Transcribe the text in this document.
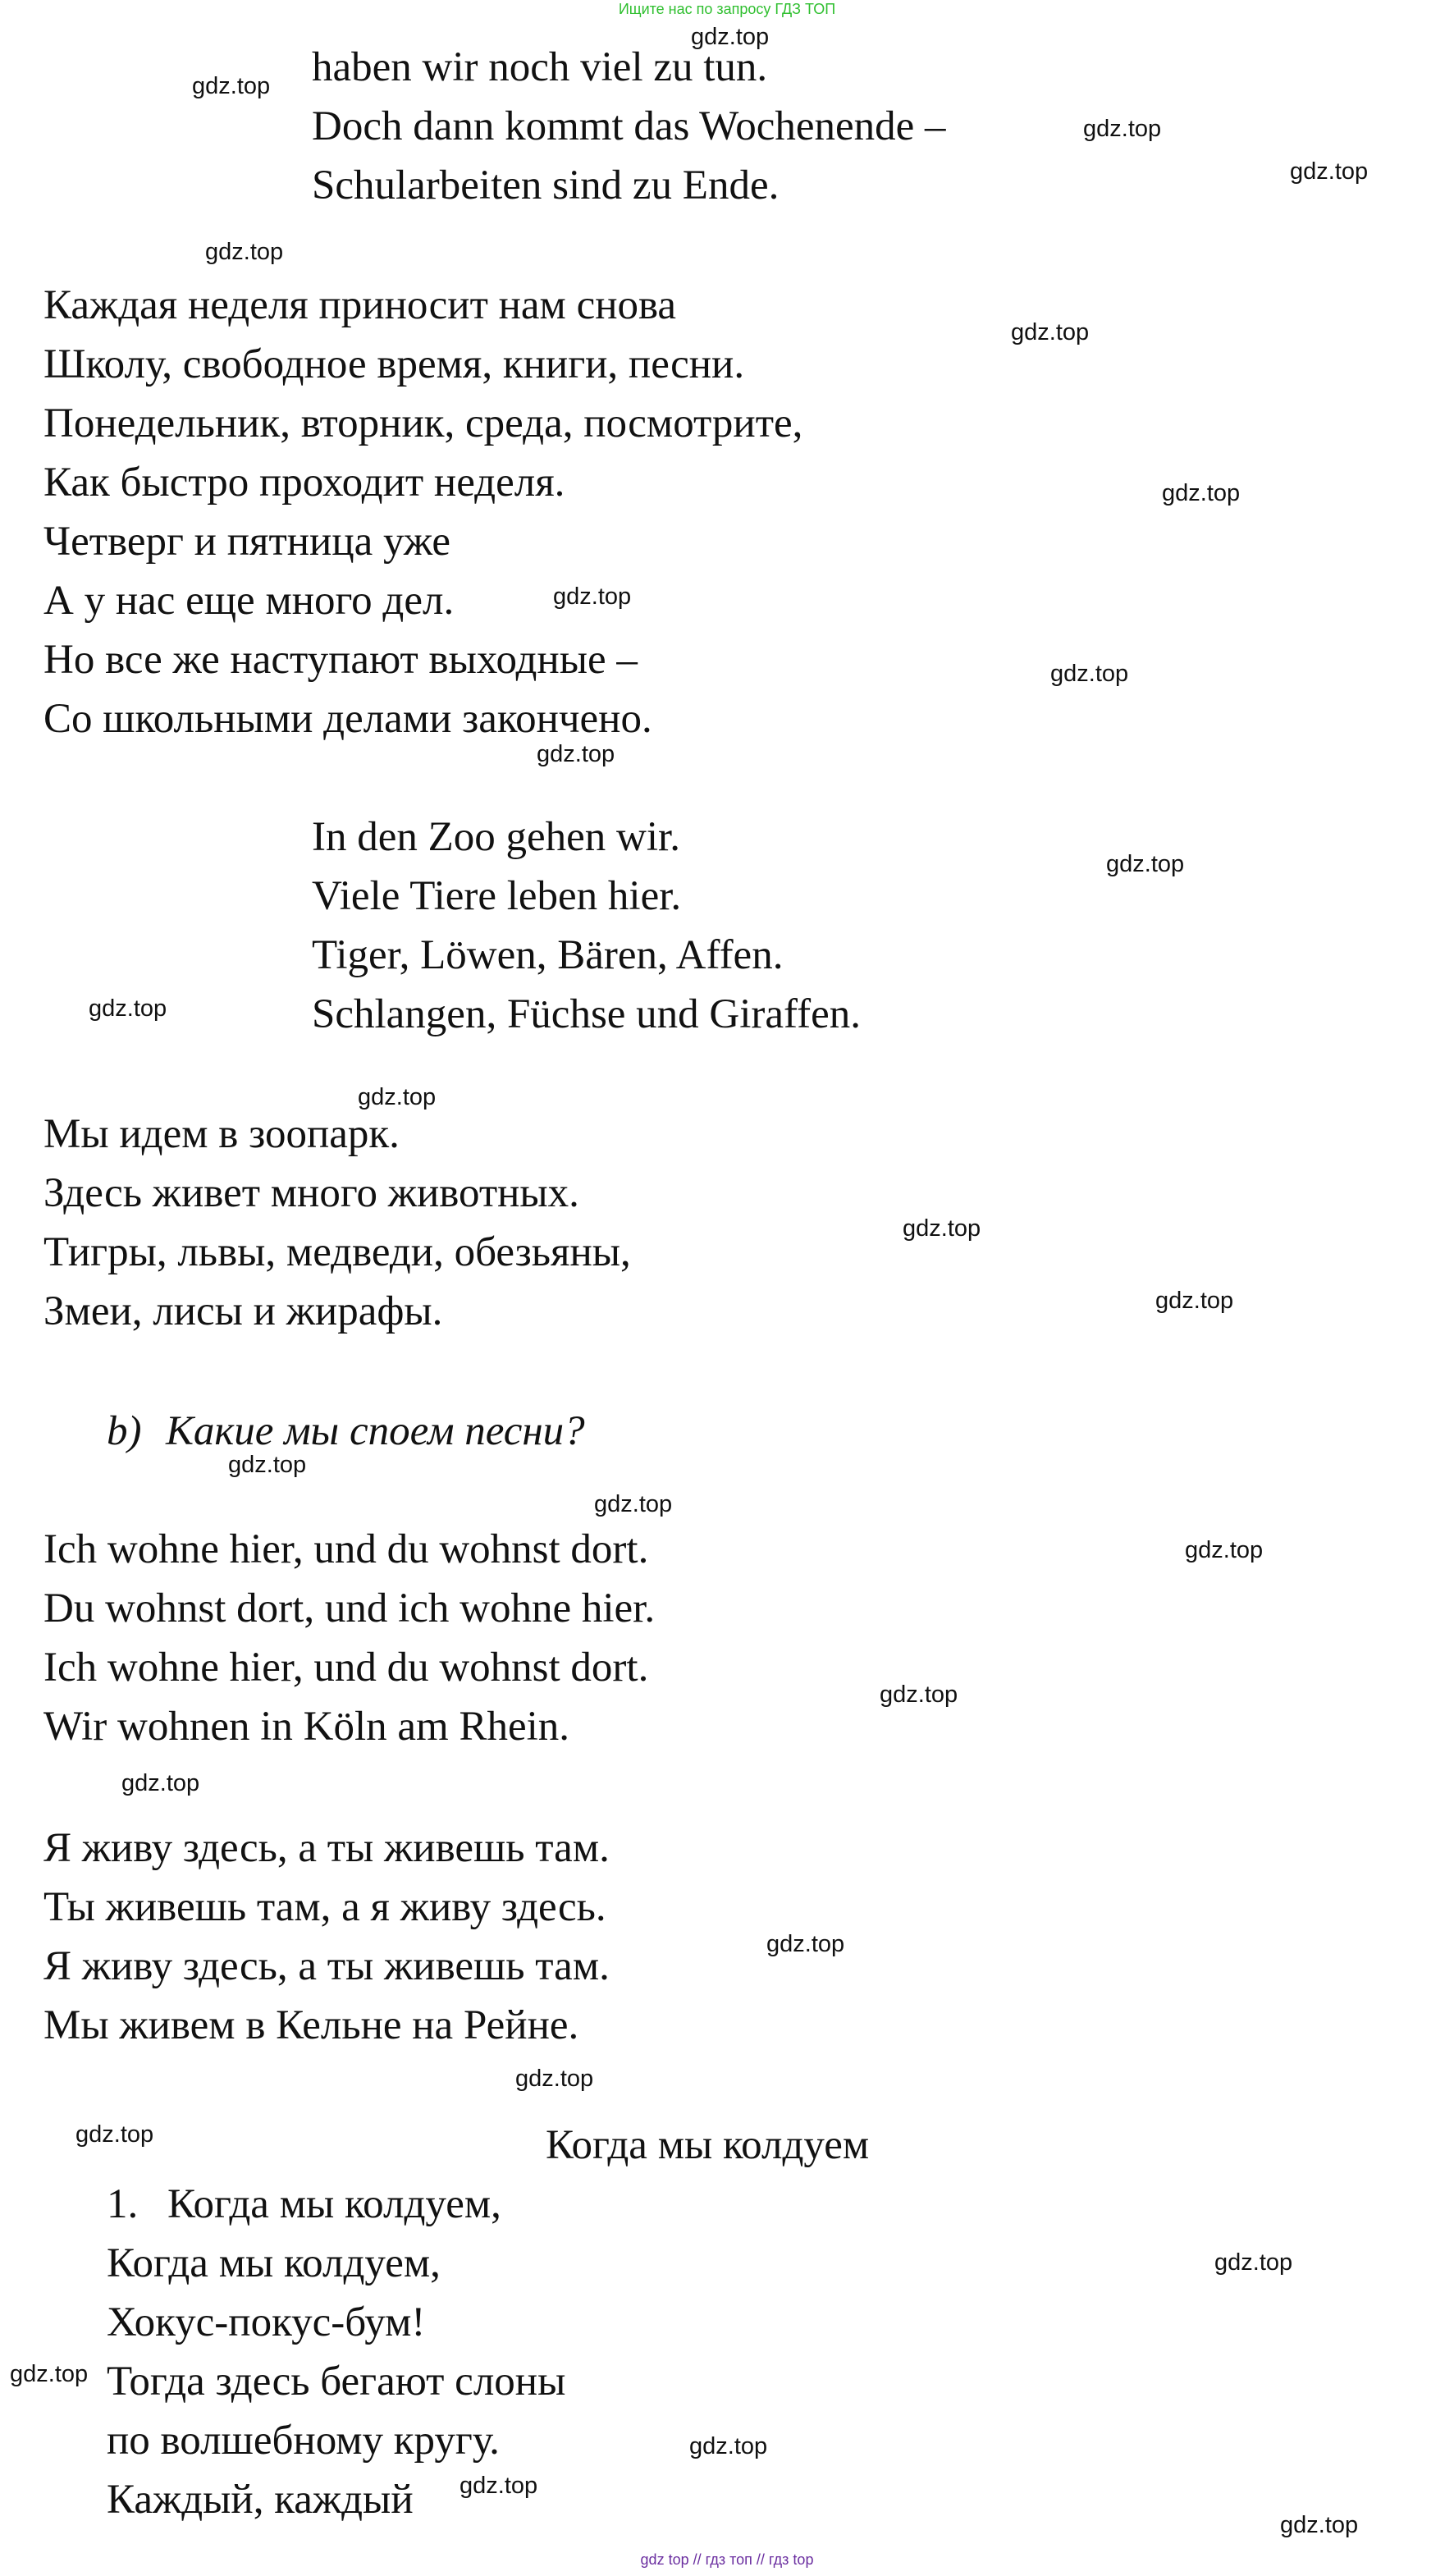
Ищите нас по запросу ГДЗ ТОП
haben wir noch viel zu tun.
Doch dann kommt das Wochenende –
Schularbeiten sind zu Ende.
Каждая неделя приносит нам снова
Школу, свободное время, книги, песни.
Понедельник, вторник, среда, посмотрите,
Как быстро проходит неделя.
Четверг и пятница уже
А у нас еще много дел.
Но все же наступают выходные –
Со школьными делами закончено.
In den Zoo gehen wir.
Viele Tiere leben hier.
Tiger, Löwen, Bären, Affen.
Schlangen, Füchse und Giraffen.
Мы идем в зоопарк.
Здесь живет много животных.
Тигры, львы, медведи, обезьяны,
Змеи, лисы и жирафы.
b) Какие мы споем песни?
Ich wohne hier, und du wohnst dort.
Du wohnst dort, und ich wohne hier.
Ich wohne hier, und du wohnst dort.
Wir wohnen in Köln am Rhein.
Я живу здесь, а ты живешь там.
Ты живешь там, а я живу здесь.
Я живу здесь, а ты живешь там.
Мы живем в Кельне на Рейне.
Когда мы колдуем
1. Когда мы колдуем,
Когда мы колдуем,
Хокус-покус-бум!
Тогда здесь бегают слоны
по волшебному кругу.
Каждый, каждый
gdz.top
gdz.top
gdz.top
gdz.top
gdz.top
gdz.top
gdz.top
gdz.top
gdz.top
gdz.top
gdz.top
gdz.top
gdz.top
gdz.top
gdz.top
gdz.top
gdz.top
gdz.top
gdz.top
gdz.top
gdz.top
gdz.top
gdz.top
gdz.top
gdz.top
gdz.top
gdz.top
gdz.top
gdz top // гдз топ // гдз top
